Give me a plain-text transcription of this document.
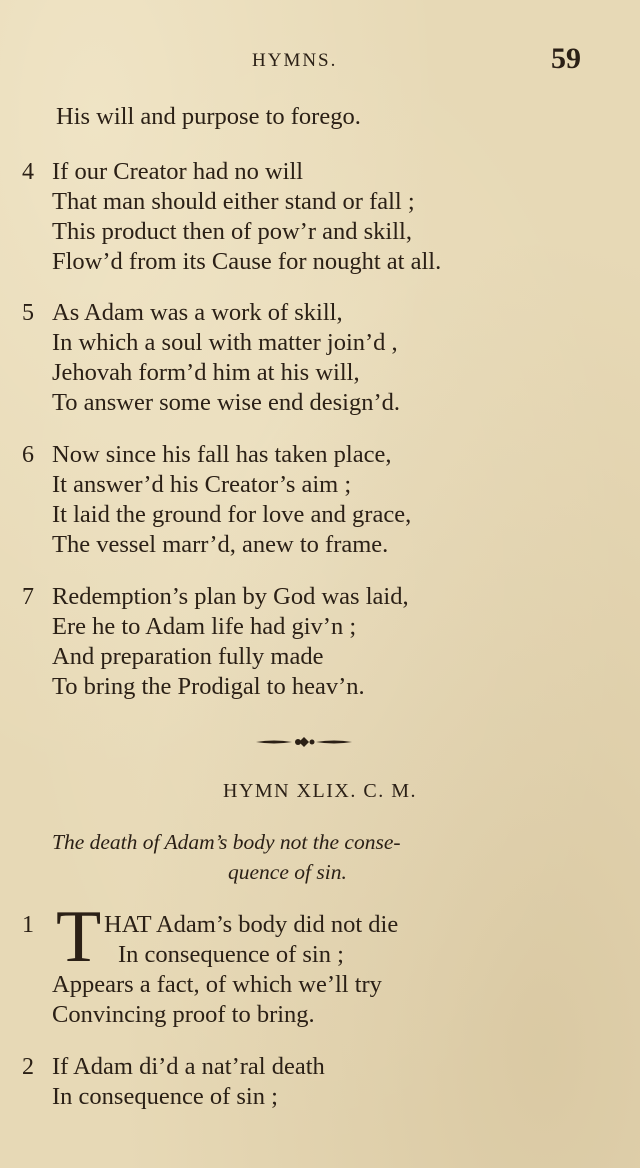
HYMNS.	59
His will and purpose to forego.
4 If our Creator had no will
That man should either stand or fall ;
This product then of pow’r and skill,
Flow’d from its Cause for nought at all.
5 As Adam was a work of skill,
In which a soul with matter join’d ,
Jehovah form’d him at his will,
To answer some wise end design’d.
6 Now since his fall has taken place,
It answer’d his Creator’s aim ;
It laid the ground for love and grace,
The vessel marr’d, anew to frame.
7 Redemption’s plan by God was laid,
Ere he to Adam life had giv’n ;
And preparation fully made
To bring the Prodigal to heav’n.
HYMN XLIX. C. M.
The death of Adam’s body not the conse-
quence of sin.
1 T HAT Adam’s body did not die
In consequence of sin ;
Appears a fact, of which we’ll try
Convincing proof to bring.
2 If Adam di’d a nat’ral death
In consequence of sin ;
